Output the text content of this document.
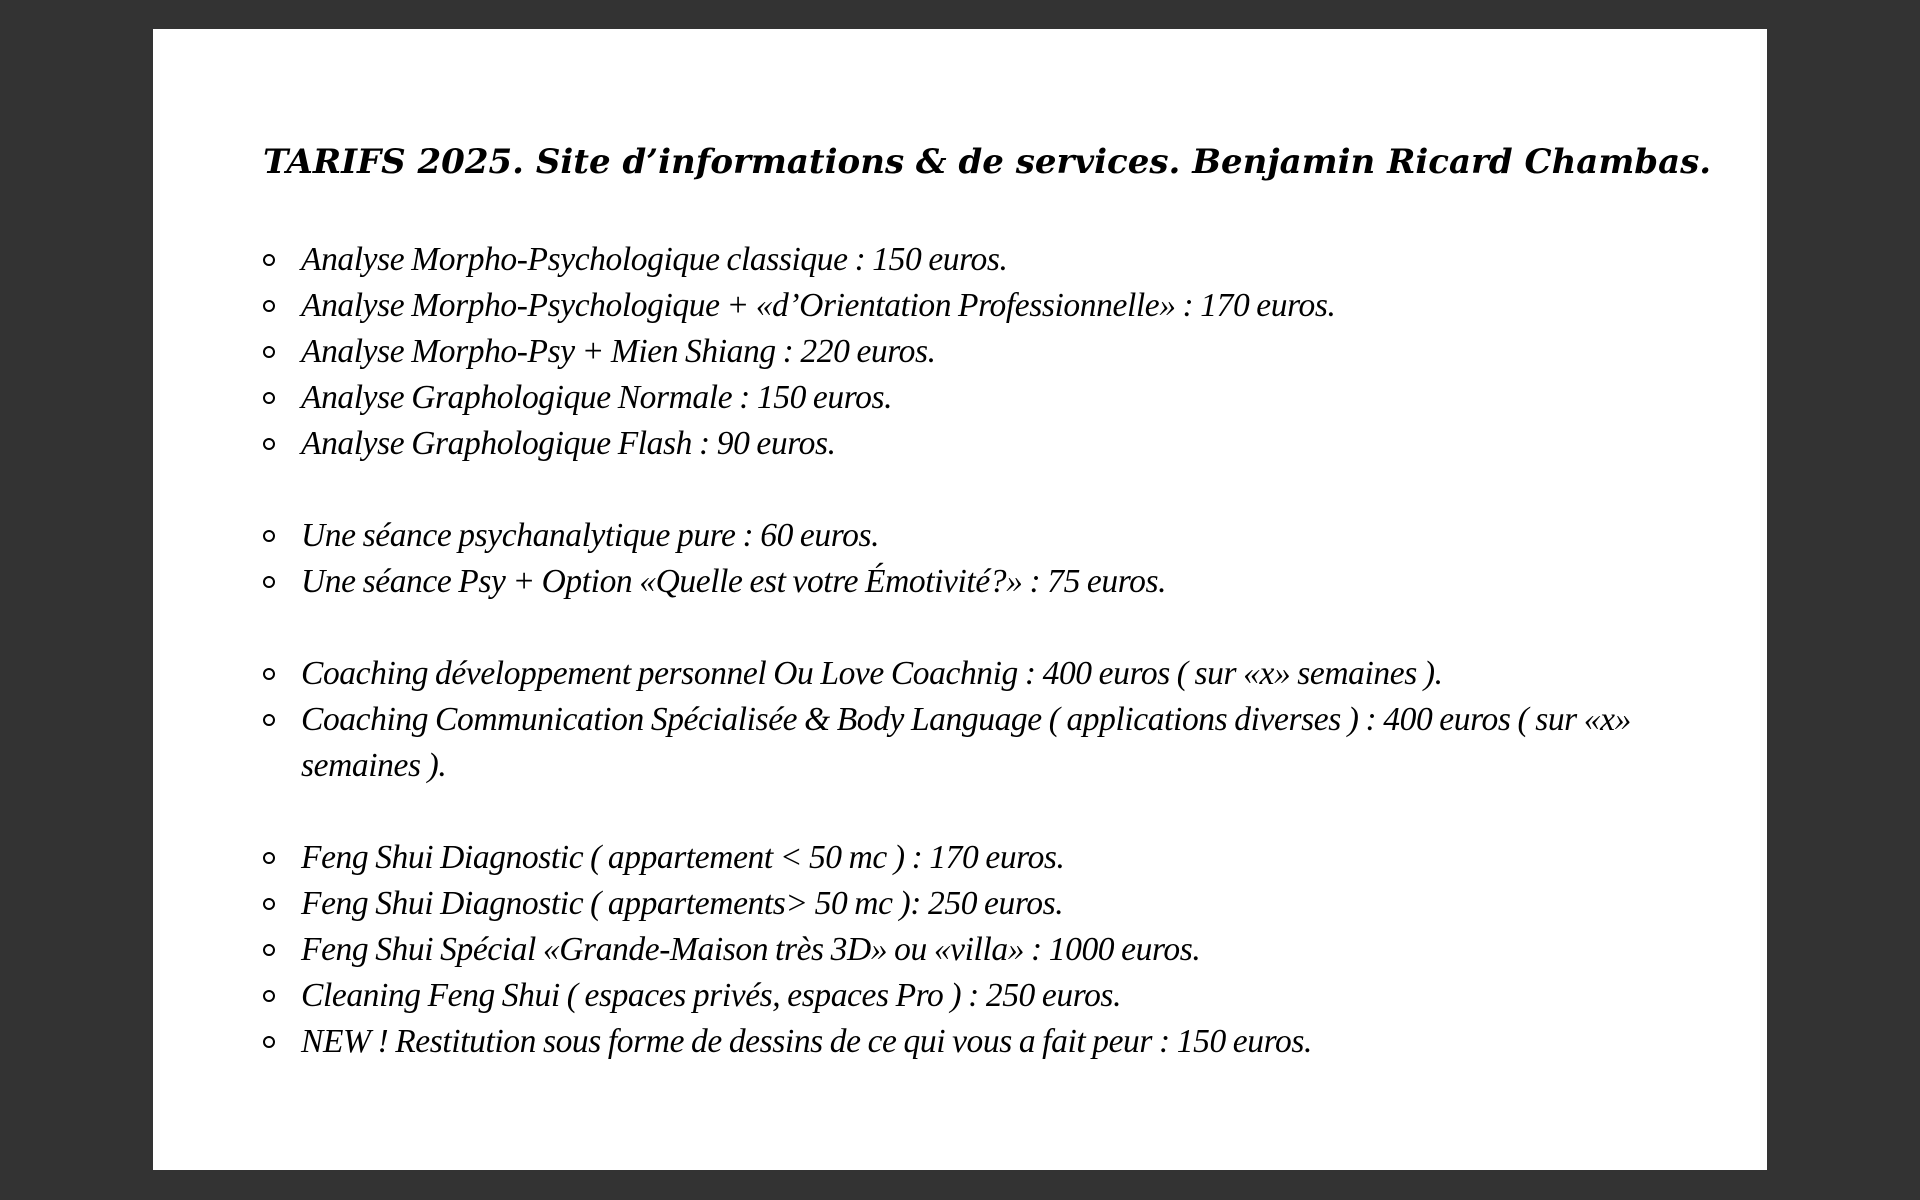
TARIFS 2025. Site d’informations & de services. Benjamin Ricard Chambas.
Analyse Morpho-Psychologique classique : 150 euros.
Analyse Morpho-Psychologique + «d’Orientation Professionnelle» : 170 euros.
Analyse Morpho-Psy + Mien Shiang : 220 euros.
Analyse Graphologique Normale : 150 euros.
Analyse Graphologique Flash : 90 euros.
Une séance psychanalytique pure : 60 euros.
Une séance Psy + Option «Quelle est votre Émotivité?» : 75 euros.
Coaching développement personnel Ou Love Coachnig : 400 euros ( sur «x» semaines ).
Coaching Communication Spécialisée & Body Language ( applications diverses ) : 400 euros ( sur «x» semaines ).
Feng Shui Diagnostic ( appartement < 50 mc ) : 170 euros.
Feng Shui Diagnostic ( appartements> 50 mc ): 250 euros.
Feng Shui Spécial «Grande-Maison très 3D» ou «villa» : 1000 euros.
Cleaning Feng Shui ( espaces privés, espaces Pro ) : 250 euros.
NEW ! Restitution sous forme de dessins de ce qui vous a fait peur : 150 euros.
